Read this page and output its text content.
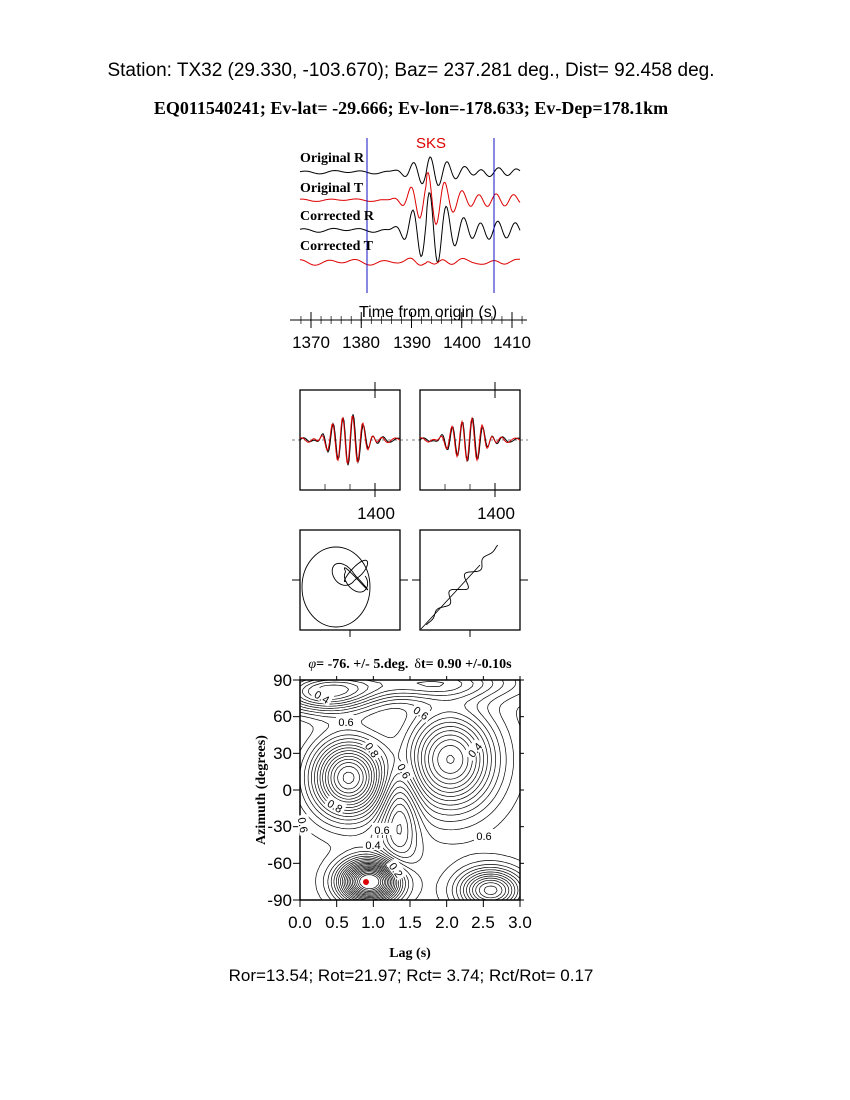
Station: TX32 (29.330, -103.670); Baz= 237.281 deg., Dist= 92.458 deg.
EQ011540241; Ev-lat= -29.666; Ev-lon=-178.633; Ev-Dep=178.1km
SKS
Original R
Original T
Corrected R
Corrected T
Time from origin (s)
1370 1380 1390 1400 1410
1400	1400
φ= -76. +/- 5.deg. δt= 0.90 +/-0.10s
0.4
0.6	0.6
0.8
0.6
0.4
0.8
0.6	0.6
0.4
0.6
0.2
90
60
30
0
-30
-60
-90
0.0 0.5 1.0 1.5 2.0 2.5 3.0
Lag (s)
Azimuth (degrees)
Ror=13.54; Rot=21.97; Rct= 3.74; Rct/Rot= 0.17
